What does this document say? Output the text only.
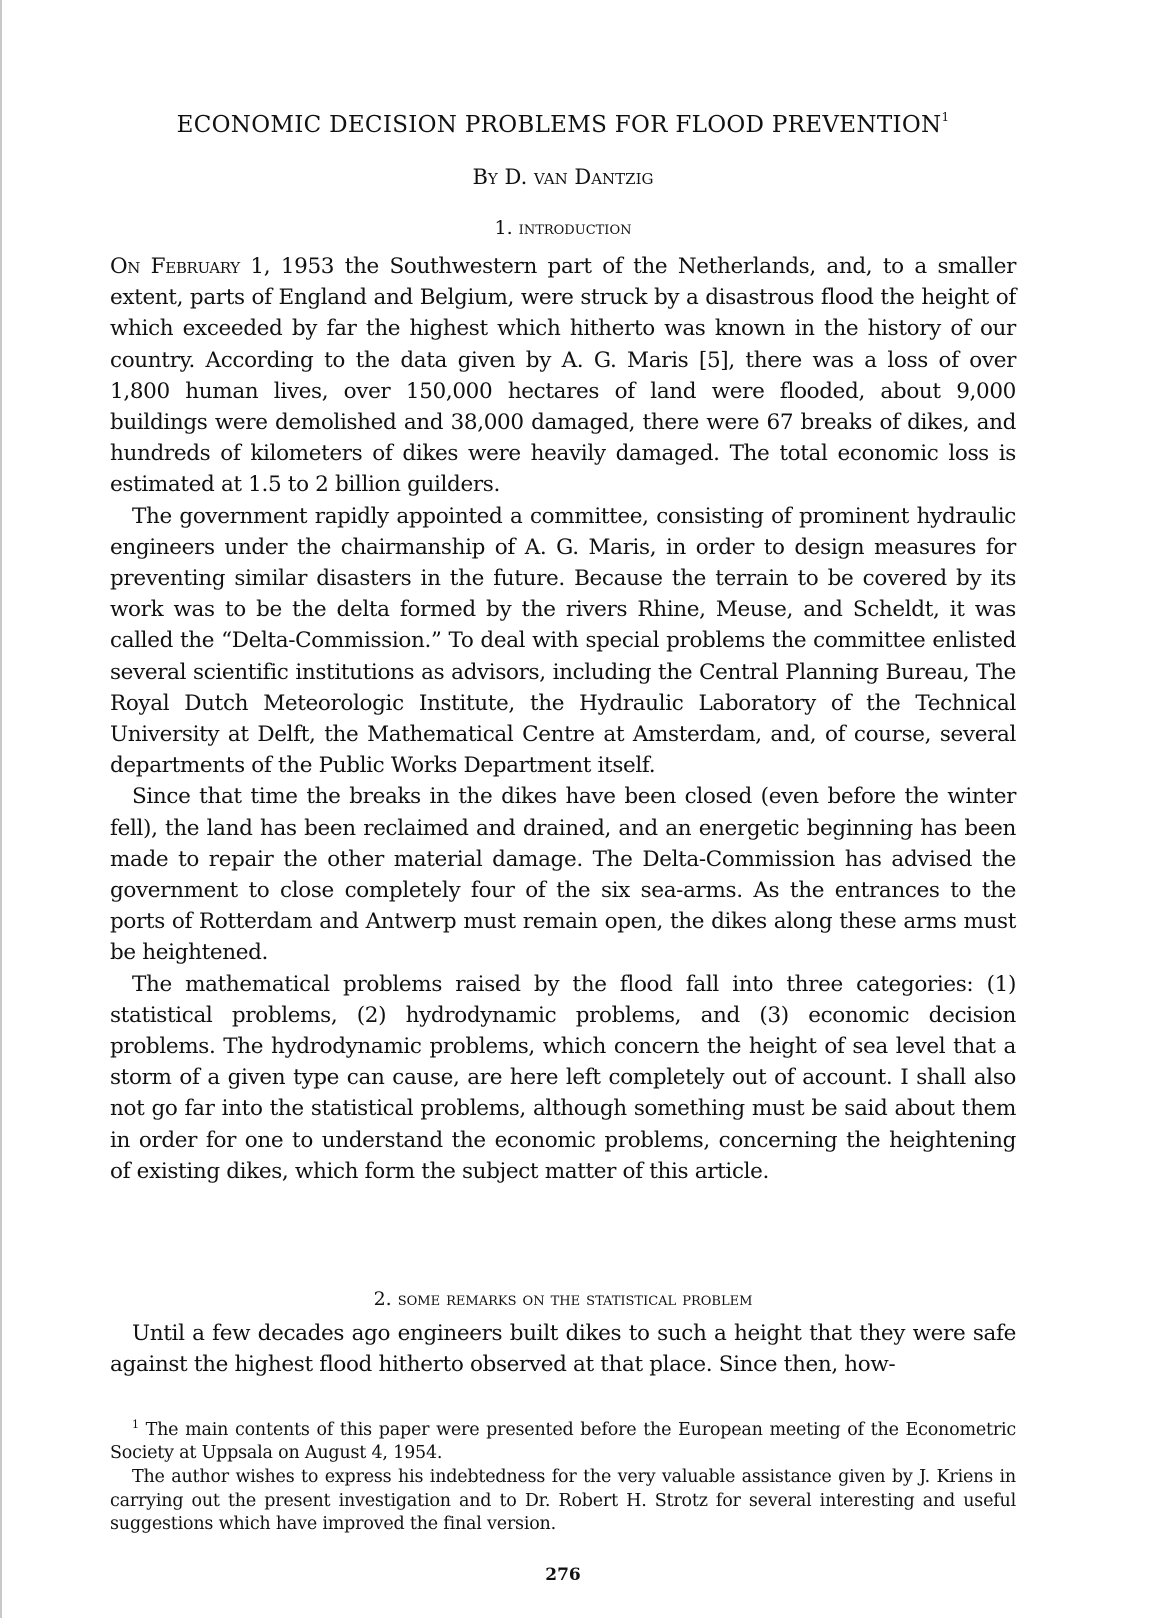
ECONOMIC DECISION PROBLEMS FOR FLOOD PREVENTION$^1$
By D. van Dantzig
1. introduction

On February 1, 1953 the Southwestern part of the Netherlands, and, to a smaller extent, parts of England and Belgium, were struck by a disastrous flood the height of which exceeded by far the highest which hitherto was known in the history of our country. According to the data given by A. G. Maris [5], there was a loss of over 1,800 human lives, over 150,000 hectares of land were flooded, about 9,000 buildings were demolished and 38,000 damaged, there were 67 breaks of dikes, and hundreds of kilometers of dikes were heavily damaged. The total economic loss is estimated at 1.5 to 2 billion guilders.

The government rapidly appointed a committee, consisting of prominent hydraulic engineers under the chairmanship of A. G. Maris, in order to design measures for preventing similar disasters in the future. Because the terrain to be covered by its work was to be the delta formed by the rivers Rhine, Meuse, and Scheldt, it was called the “Delta-Commission.” To deal with special problems the committee enlisted several scientific institutions as advisors, including the Central Planning Bureau, The Royal Dutch Meteorologic Institute, the Hydraulic Laboratory of the Technical University at Delft, the Mathematical Centre at Amsterdam, and, of course, several departments of the Public Works Department itself.

Since that time the breaks in the dikes have been closed (even before the winter fell), the land has been reclaimed and drained, and an energetic beginning has been made to repair the other material damage. The Delta-Commission has advised the government to close completely four of the six sea-arms. As the entrances to the ports of Rotterdam and Antwerp must remain open, the dikes along these arms must be heightened.

The mathematical problems raised by the flood fall into three categories: (1) statistical problems, (2) hydrodynamic problems, and (3) economic decision problems. The hydrodynamic problems, which concern the height of sea level that a storm of a given type can cause, are here left completely out of account. I shall also not go far into the statistical problems, although something must be said about them in order for one to understand the economic problems, concerning the heightening of existing dikes, which form the subject matter of this article.

2. some remarks on the statistical problem

Until a few decades ago engineers built dikes to such a height that they were safe against the highest flood hitherto observed at that place. Since then, how-

$^1$ The main contents of this paper were presented before the European meeting of the Econometric Society at Uppsala on August 4, 1954.

The author wishes to express his indebtedness for the very valuable assistance given by J. Kriens in carrying out the present investigation and to Dr. Robert H. Strotz for several interesting and useful suggestions which have improved the final version.

276
